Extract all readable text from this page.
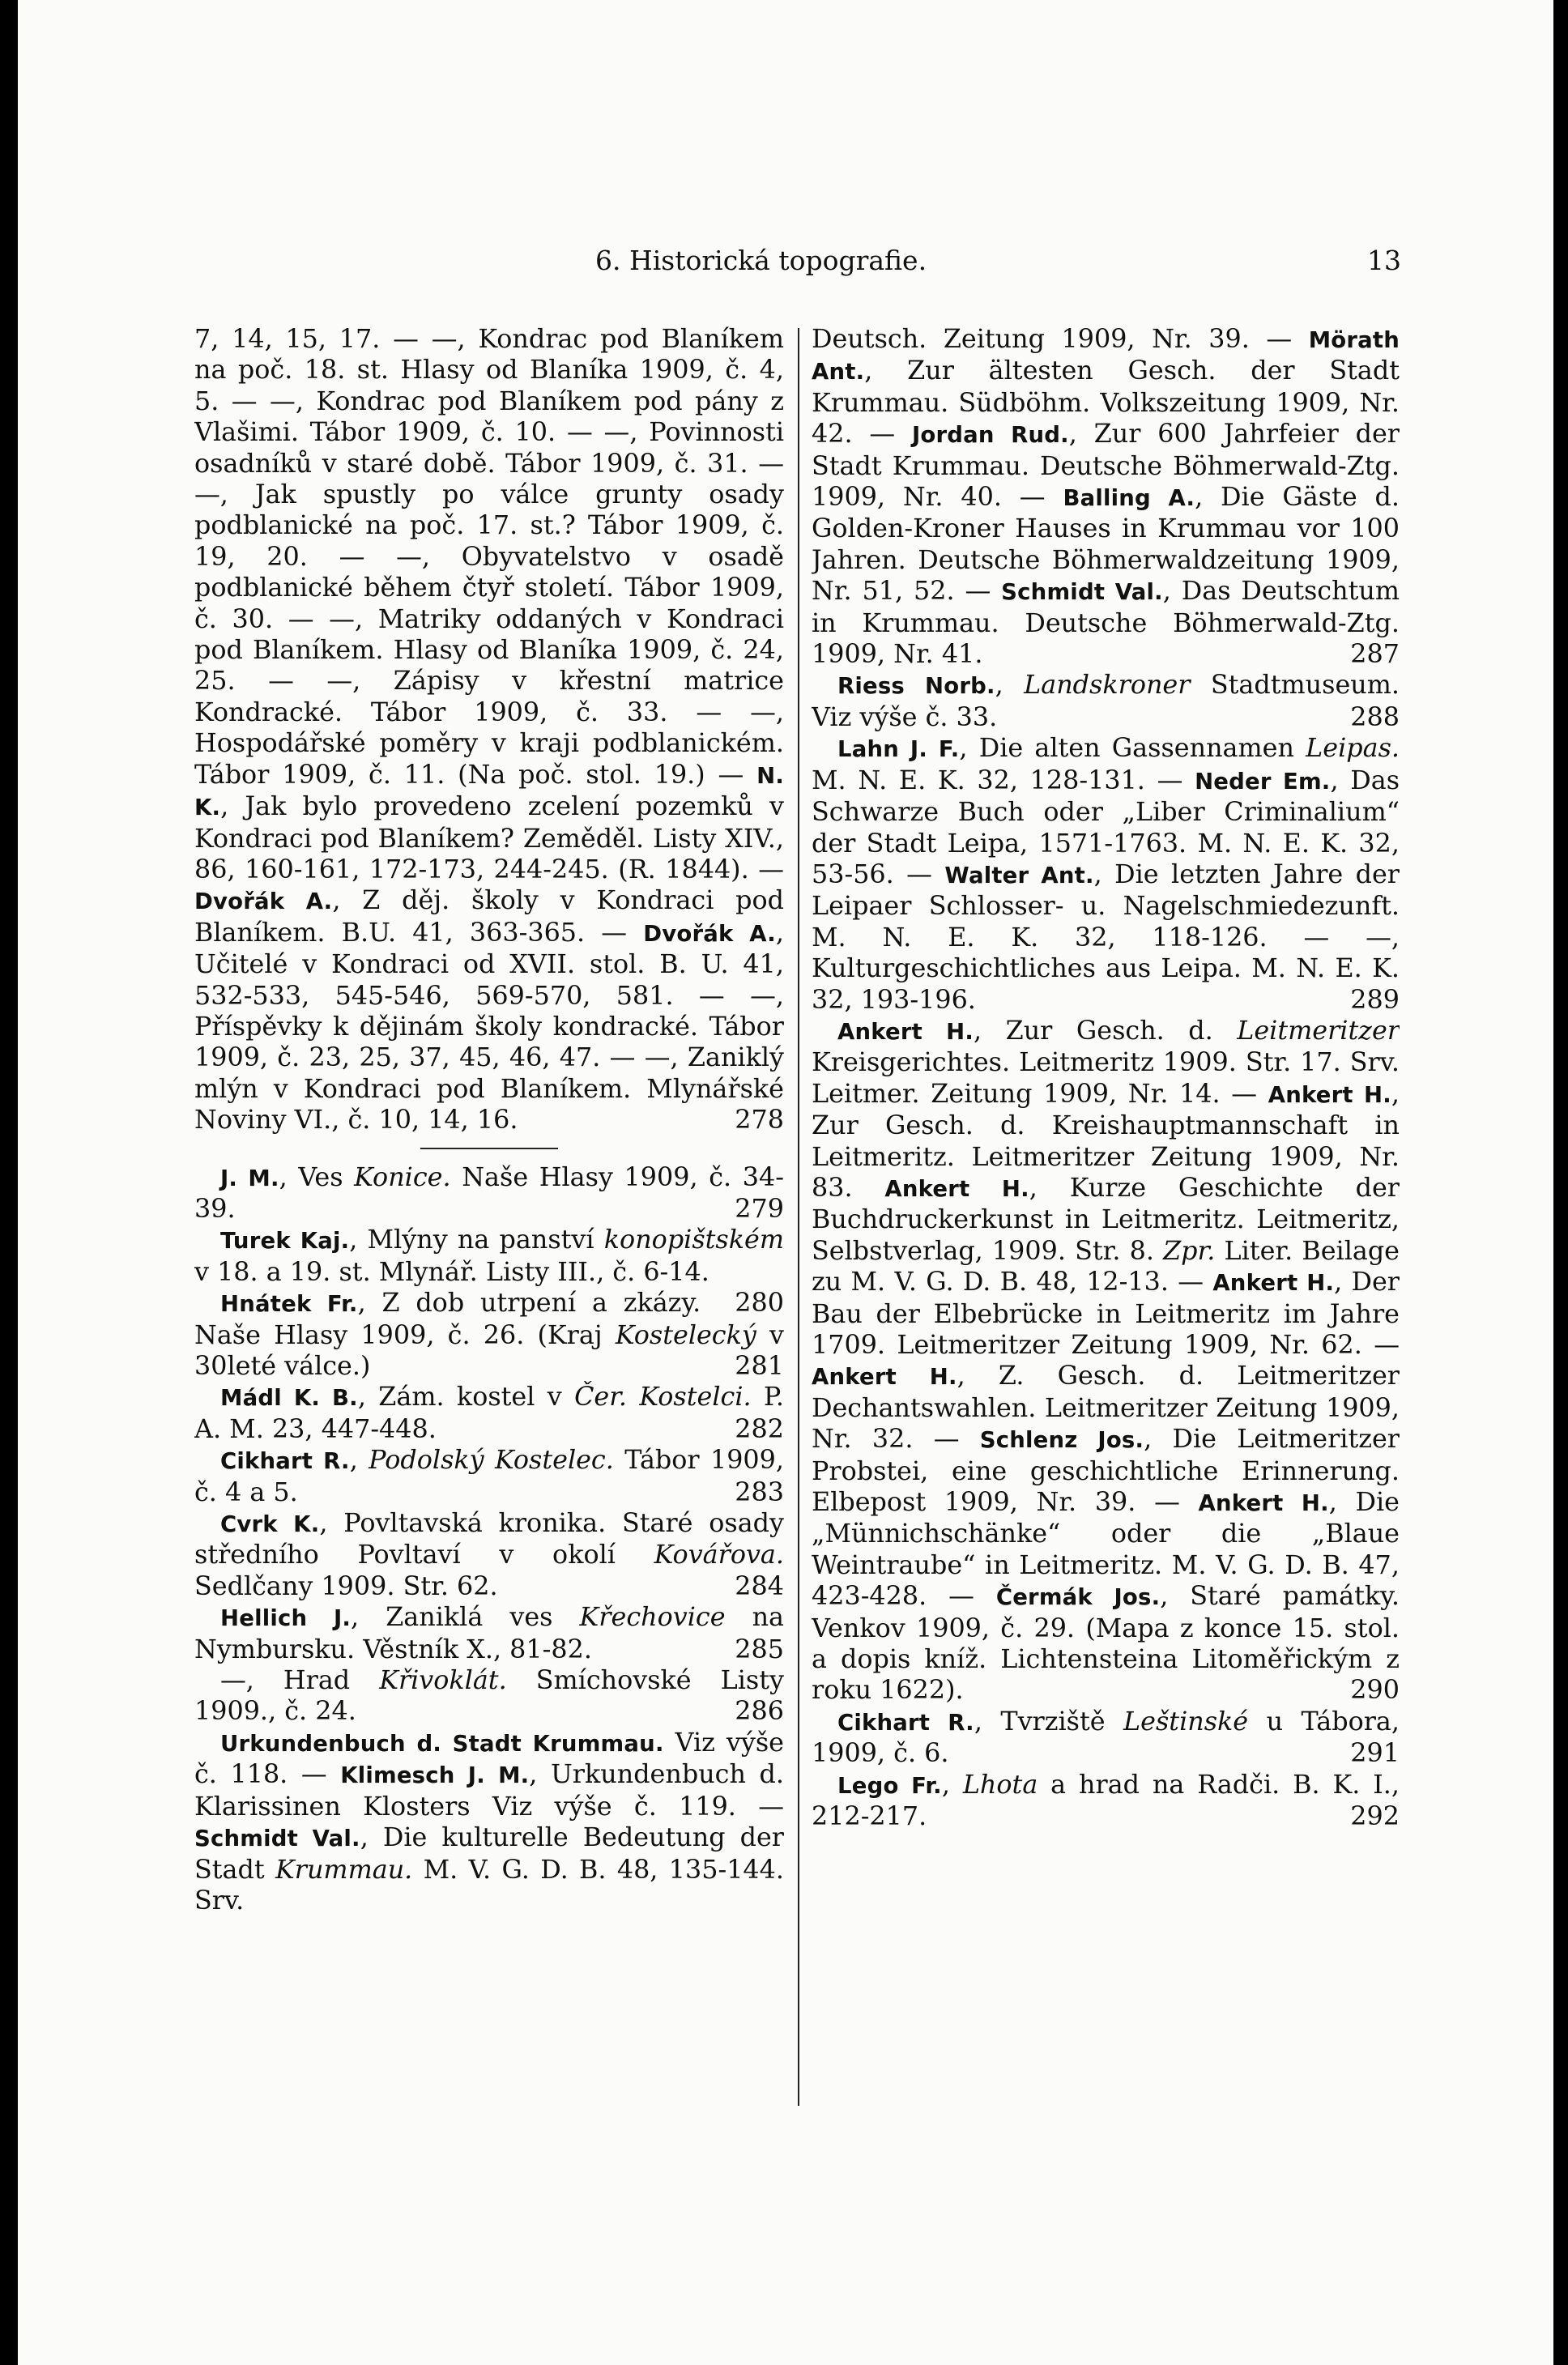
6. Historická topografie.	13

7, 14, 15, 17. — —, Kondrac pod Blaníkem na poč. 18. st. Hlasy od Blaníka 1909, č. 4, 5. — —, Kondrac pod Blaníkem pod pány z Vlašimi. Tábor 1909, č. 10. — —, Povinnosti osadníků v staré době. Tábor 1909, č. 31. — —, Jak spustly po válce grunty osady podblanické na poč. 17. st.? Tábor 1909, č. 19, 20. — —, Obyvatelstvo v osadě podblanické během čtyř století. Tábor 1909, č. 30. — —, Matriky oddaných v Kondraci pod Blaníkem. Hlasy od Blaníka 1909, č. 24, 25. — —, Zápisy v křestní matrice Kondracké. Tábor 1909, č. 33. — —, Hospodářské poměry v kraji podblanickém. Tábor 1909, č. 11. (Na poč. stol. 19.) — N. K., Jak bylo provedeno zcelení pozemků v Kondraci pod Blaníkem? Zeměděl. Listy XIV., 86, 160-161, 172-173, 244-245. (R. 1844). — Dvořák A., Z děj. školy v Kondraci pod Blaníkem. B.U. 41, 363-365. — Dvořák A., Učitelé v Kondraci od XVII. stol. B. U. 41, 532-533, 545-546, 569-570, 581. — —, Příspěvky k dějinám školy kondracké. Tábor 1909, č. 23, 25, 37, 45, 46, 47. — —, Zaniklý mlýn v Kondraci pod Blaníkem. Mlynářské Noviny VI., č. 10, 14, 16.	278

J. M., Ves Konice. Naše Hlasy 1909, č. 34-39.	279

Turek Kaj., Mlýny na panství konopištském v 18. a 19. st. Mlynář. Listy III., č. 6-14.
280

Hnátek Fr., Z dob utrpení a zkázy. Naše Hlasy 1909, č. 26. (Kraj Kostelecký v 30leté válce.)	281

Mádl K. B., Zám. kostel v Čer. Kostelci. P. A. M. 23, 447-448.	282

Cikhart R., Podolský Kostelec. Tábor 1909, č. 4 a 5.	283

Cvrk K., Povltavská kronika. Staré osady středního Povltaví v okolí Kovářova. Sedlčany 1909. Str. 62.	284

Hellich J., Zaniklá ves Křechovice na Nymbursku. Věstník X., 81-82.	285

—, Hrad Křivoklát. Smíchovské Listy 1909., č. 24.	286

Urkundenbuch d. Stadt Krummau. Viz výše č. 118. — Klimesch J. M., Urkundenbuch d. Klarissinen Klosters Viz výše č. 119. — Schmidt Val., Die kulturelle Bedeutung der Stadt Krummau. M. V. G. D. B. 48, 135-144. Srv.

Deutsch. Zeitung 1909, Nr. 39. — Mörath Ant., Zur ältesten Gesch. der Stadt Krummau. Südböhm. Volkszeitung 1909, Nr. 42. — Jordan Rud., Zur 600 Jahrfeier der Stadt Krummau. Deutsche Böhmerwald-Ztg. 1909, Nr. 40. — Balling A., Die Gäste d. Golden-Kroner Hauses in Krummau vor 100 Jahren. Deutsche Böhmerwaldzeitung 1909, Nr. 51, 52. — Schmidt Val., Das Deutschtum in Krummau. Deutsche Böhmerwald-Ztg. 1909, Nr. 41.	287

Riess Norb., Landskroner Stadtmuseum. Viz výše č. 33.	288

Lahn J. F., Die alten Gassennamen Leipas. M. N. E. K. 32, 128-131. — Neder Em., Das Schwarze Buch oder „Liber Criminalium“ der Stadt Leipa, 1571-1763. M. N. E. K. 32, 53-56. — Walter Ant., Die letzten Jahre der Leipaer Schlosser- u. Nagelschmiedezunft. M. N. E. K. 32, 118-126. — —, Kulturgeschichtliches aus Leipa. M. N. E. K. 32, 193-196.	289

Ankert H., Zur Gesch. d. Leitmeritzer Kreisgerichtes. Leitmeritz 1909. Str. 17. Srv. Leitmer. Zeitung 1909, Nr. 14. — Ankert H., Zur Gesch. d. Kreishauptmannschaft in Leitmeritz. Leitmeritzer Zeitung 1909, Nr. 83. Ankert H., Kurze Geschichte der Buchdruckerkunst in Leitmeritz. Leitmeritz, Selbstverlag, 1909. Str. 8. Zpr. Liter. Beilage zu M. V. G. D. B. 48, 12-13. — Ankert H., Der Bau der Elbebrücke in Leitmeritz im Jahre 1709. Leitmeritzer Zeitung 1909, Nr. 62. — Ankert H., Z. Gesch. d. Leitmeritzer Dechantswahlen. Leitmeritzer Zeitung 1909, Nr. 32. — Schlenz Jos., Die Leitmeritzer Probstei, eine geschichtliche Erinnerung. Elbepost 1909, Nr. 39. — Ankert H., Die „Münnichschänke“ oder die „Blaue Weintraube“ in Leitmeritz. M. V. G. D. B. 47, 423-428. — Čermák Jos., Staré památky. Venkov 1909, č. 29. (Mapa z konce 15. stol. a dopis kníž. Lichtensteina Litoměřickým z roku 1622).	290

Cikhart R., Tvrziště Leštinské u Tábora, 1909, č. 6.	291

Lego Fr., Lhota a hrad na Radči. B. K. I., 212-217.	292
